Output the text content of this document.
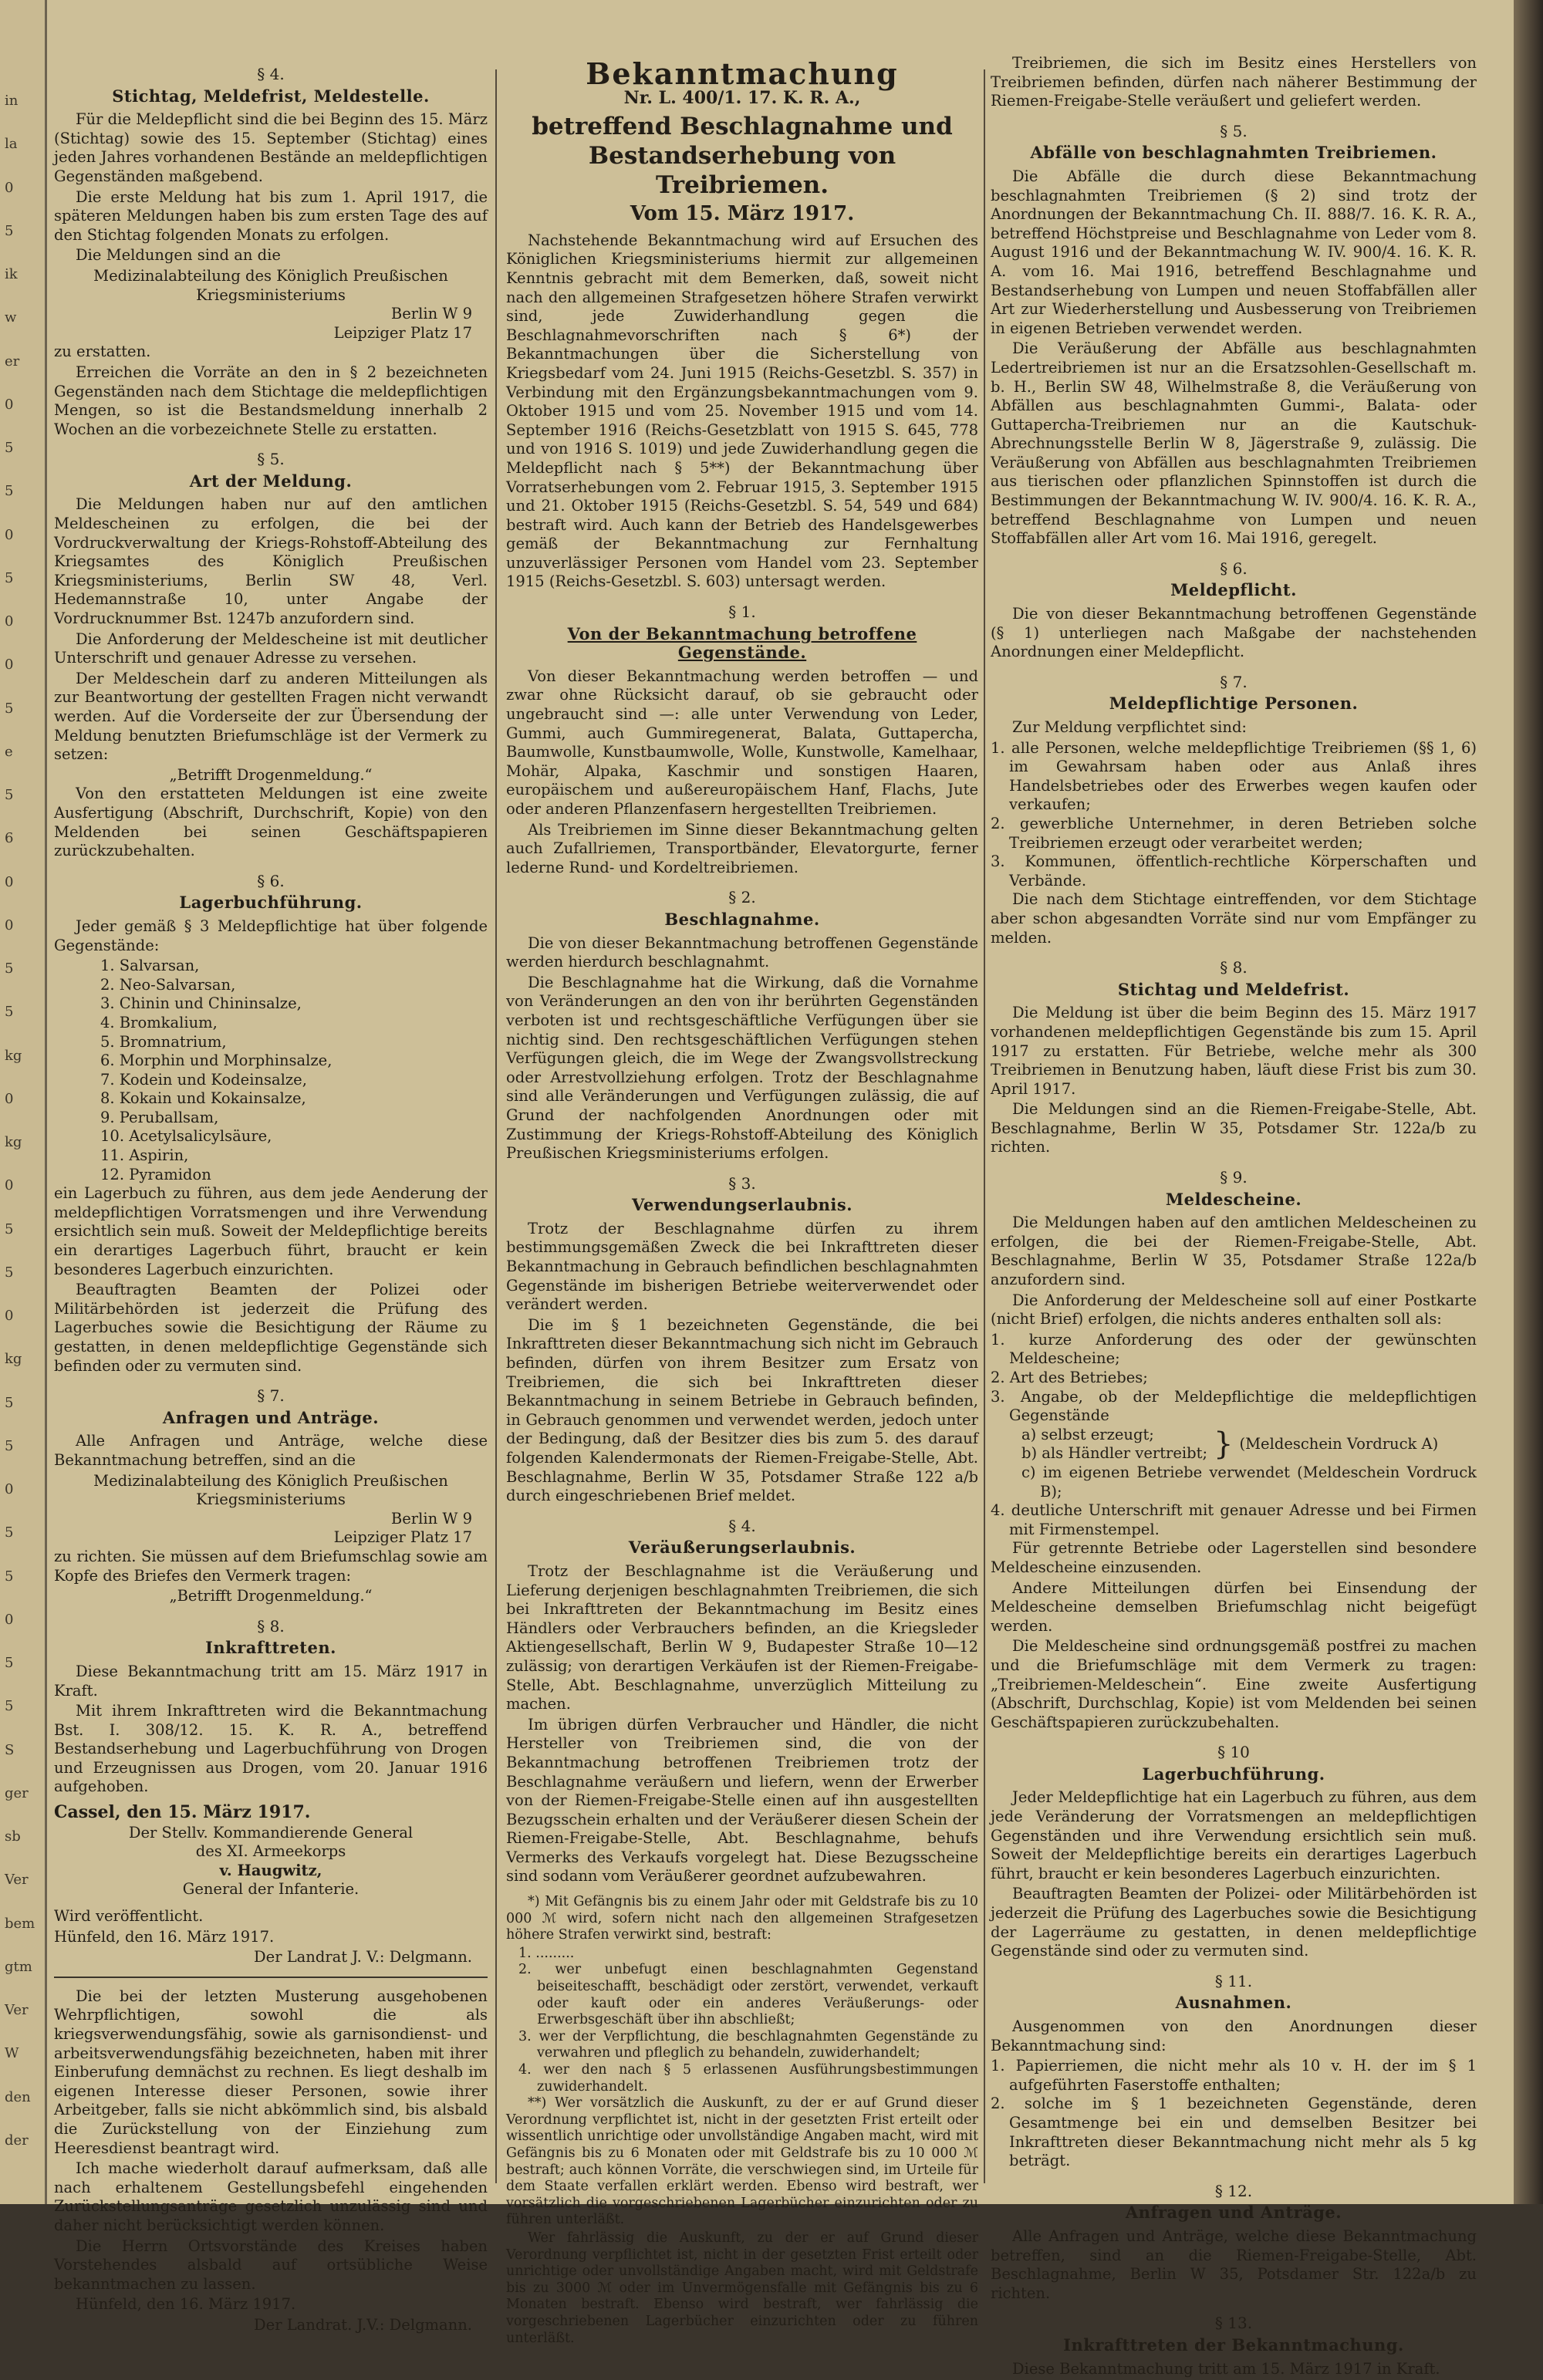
in
la
0
5
ik
w
er
0
5
5
0
5
0
0
5
e
5
6
0
0
5
5
kg
0
kg
0
5
5
0
kg
5
5
0
5
5
0
5
5
S
ger
sb
Ver
bem
gtm
Ver
W
den
der

§ 4.

Stichtag, Meldefrist, Meldestelle.

Für die Meldepflicht sind die bei Beginn des 15. März (Stichtag) sowie des 15. September (Stichtag) eines jeden Jahres vorhandenen Bestände an meldepflichtigen Gegenständen maßgebend.

Die erste Meldung hat bis zum 1. April 1917, die späteren Meldungen haben bis zum ersten Tage des auf den Stichtag folgenden Monats zu erfolgen.

Die Meldungen sind an die

Medizinalabteilung des Königlich Preußischen Kriegsministeriums

Berlin W 9

Leipziger Platz 17

zu erstatten.

Erreichen die Vorräte an den in § 2 bezeichneten Gegenständen nach dem Stichtage die meldepflichtigen Mengen, so ist die Bestandsmeldung innerhalb 2 Wochen an die vorbezeichnete Stelle zu erstatten.

§ 5.

Art der Meldung.

Die Meldungen haben nur auf den amtlichen Meldescheinen zu erfolgen, die bei der Vordruckverwaltung der Kriegs-Rohstoff-Abteilung des Kriegsamtes des Königlich Preußischen Kriegsministeriums, Berlin SW 48, Verl. Hedemannstraße 10, unter Angabe der Vordrucknummer Bst. 1247b anzufordern sind.

Die Anforderung der Meldescheine ist mit deutlicher Unterschrift und genauer Adresse zu versehen.

Der Meldeschein darf zu anderen Mitteilungen als zur Beantwortung der gestellten Fragen nicht verwandt werden. Auf die Vorderseite der zur Übersendung der Meldung benutzten Briefumschläge ist der Vermerk zu setzen:

„Betrifft Drogenmeldung.“

Von den erstatteten Meldungen ist eine zweite Ausfertigung (Abschrift, Durchschrift, Kopie) von den Meldenden bei seinen Geschäftspapieren zurückzubehalten.

§ 6.

Lagerbuchführung.

Jeder gemäß § 3 Meldepflichtige hat über folgende Gegenstände:

1. Salvarsan,

2. Neo-Salvarsan,

3. Chinin und Chininsalze,

4. Bromkalium,

5. Bromnatrium,

6. Morphin und Morphinsalze,

7. Kodein und Kodeinsalze,

8. Kokain und Kokainsalze,

9. Peruballsam,

10. Acetylsalicylsäure,

11. Aspirin,

12. Pyramidon

ein Lagerbuch zu führen, aus dem jede Aenderung der meldepflichtigen Vorratsmengen und ihre Verwendung ersichtlich sein muß. Soweit der Meldepflichtige bereits ein derartiges Lagerbuch führt, braucht er kein besonderes Lagerbuch einzurichten.

Beauftragten Beamten der Polizei oder Militärbehörden ist jederzeit die Prüfung des Lagerbuches sowie die Besichtigung der Räume zu gestatten, in denen meldepflichtige Gegenstände sich befinden oder zu vermuten sind.

§ 7.

Anfragen und Anträge.

Alle Anfragen und Anträge, welche diese Bekanntmachung betreffen, sind an die

Medizinalabteilung des Königlich Preußischen Kriegsministeriums

Berlin W 9

Leipziger Platz 17

zu richten. Sie müssen auf dem Briefumschlag sowie am Kopfe des Briefes den Vermerk tragen:

„Betrifft Drogenmeldung.“

§ 8.

Inkrafttreten.

Diese Bekanntmachung tritt am 15. März 1917 in Kraft.

Mit ihrem Inkrafttreten wird die Bekanntmachung Bst. I. 308/12. 15. K. R. A., betreffend Bestandserhebung und Lagerbuchführung von Drogen und Erzeugnissen aus Drogen, vom 20. Januar 1916 aufgehoben.

Cassel, den 15. März 1917.

Der Stellv. Kommandierende General

des XI. Armeekorps

v. Haugwitz,

General der Infanterie.

Wird veröffentlicht.

Hünfeld, den 16. März 1917.

Der Landrat J. V.: Delgmann.

Die bei der letzten Musterung ausgehobenen Wehrpflichtigen, sowohl die als kriegsverwendungsfähig, sowie als garnisondienst- und arbeitsverwendungsfähig bezeichneten, haben mit ihrer Einberufung demnächst zu rechnen. Es liegt deshalb im eigenen Interesse dieser Personen, sowie ihrer Arbeitgeber, falls sie nicht abkömmlich sind, bis alsbald die Zurückstellung von der Einziehung zum Heeresdienst beantragt wird.

Ich mache wiederholt darauf aufmerksam, daß alle nach erhaltenem Gestellungsbefehl eingehenden Zurückstellungsanträge gesetzlich unzulässig sind und daher nicht berücksichtigt werden können.

Die Herrn Ortsvorstände des Kreises haben Vorstehendes alsbald auf ortsübliche Weise bekanntmachen zu lassen.

Hünfeld, den 16. März 1917.

Der Landrat. J.V.: Delgmann.

Bekanntmachung

Nr. L. 400/1. 17. K. R. A.,

betreffend Beschlagnahme und Bestandserhebung von Treibriemen.

Vom 15. März 1917.

Nachstehende Bekanntmachung wird auf Ersuchen des Königlichen Kriegsministeriums hiermit zur allgemeinen Kenntnis gebracht mit dem Bemerken, daß, soweit nicht nach den allgemeinen Strafgesetzen höhere Strafen verwirkt sind, jede Zuwiderhandlung gegen die Beschlagnahmevorschriften nach § 6*) der Bekanntmachungen über die Sicherstellung von Kriegsbedarf vom 24. Juni 1915 (Reichs-Gesetzbl. S. 357) in Verbindung mit den Ergänzungsbekanntmachungen vom 9. Oktober 1915 und vom 25. November 1915 und vom 14. September 1916 (Reichs-Gesetzblatt von 1915 S. 645, 778 und von 1916 S. 1019) und jede Zuwiderhandlung gegen die Meldepflicht nach § 5**) der Bekanntmachung über Vorratserhebungen vom 2. Februar 1915, 3. September 1915 und 21. Oktober 1915 (Reichs-Gesetzbl. S. 54, 549 und 684) bestraft wird. Auch kann der Betrieb des Handelsgewerbes gemäß der Bekanntmachung zur Fernhaltung unzuverlässiger Personen vom Handel vom 23. September 1915 (Reichs-Gesetzbl. S. 603) untersagt werden.

§ 1.

Von der Bekanntmachung betroffene Gegenstände.

Von dieser Bekanntmachung werden betroffen — und zwar ohne Rücksicht darauf, ob sie gebraucht oder ungebraucht sind —: alle unter Verwendung von Leder, Gummi, auch Gummiregenerat, Balata, Guttapercha, Baumwolle, Kunstbaumwolle, Wolle, Kunstwolle, Kamelhaar, Mohär, Alpaka, Kaschmir und sonstigen Haaren, europäischem und außereuropäischem Hanf, Flachs, Jute oder anderen Pflanzenfasern hergestellten Treibriemen.

Als Treibriemen im Sinne dieser Bekanntmachung gelten auch Zufallriemen, Transportbänder, Elevatorgurte, ferner lederne Rund- und Kordeltreibriemen.

§ 2.

Beschlagnahme.

Die von dieser Bekanntmachung betroffenen Gegenstände werden hierdurch beschlagnahmt.

Die Beschlagnahme hat die Wirkung, daß die Vornahme von Veränderungen an den von ihr berührten Gegenständen verboten ist und rechtsgeschäftliche Verfügungen über sie nichtig sind. Den rechtsgeschäftlichen Verfügungen stehen Verfügungen gleich, die im Wege der Zwangsvollstreckung oder Arrestvollziehung erfolgen. Trotz der Beschlagnahme sind alle Veränderungen und Verfügungen zulässig, die auf Grund der nachfolgenden Anordnungen oder mit Zustimmung der Kriegs-Rohstoff-Abteilung des Königlich Preußischen Kriegsministeriums erfolgen.

§ 3.

Verwendungserlaubnis.

Trotz der Beschlagnahme dürfen zu ihrem bestimmungsgemäßen Zweck die bei Inkrafttreten dieser Bekanntmachung in Gebrauch befindlichen beschlagnahmten Gegenstände im bisherigen Betriebe weiterverwendet oder verändert werden.

Die im § 1 bezeichneten Gegenstände, die bei Inkrafttreten dieser Bekanntmachung sich nicht im Gebrauch befinden, dürfen von ihrem Besitzer zum Ersatz von Treibriemen, die sich bei Inkrafttreten dieser Bekanntmachung in seinem Betriebe in Gebrauch befinden, in Gebrauch genommen und verwendet werden, jedoch unter der Bedingung, daß der Besitzer dies bis zum 5. des darauf folgenden Kalendermonats der Riemen-Freigabe-Stelle, Abt. Beschlagnahme, Berlin W 35, Potsdamer Straße 122 a/b durch eingeschriebenen Brief meldet.

§ 4.

Veräußerungserlaubnis.

Trotz der Beschlagnahme ist die Veräußerung und Lieferung derjenigen beschlagnahmten Treibriemen, die sich bei Inkrafttreten der Bekanntmachung im Besitz eines Händlers oder Verbrauchers befinden, an die Kriegsleder Aktiengesellschaft, Berlin W 9, Budapester Straße 10—12 zulässig; von derartigen Verkäufen ist der Riemen-Freigabe-Stelle, Abt. Beschlagnahme, unverzüglich Mitteilung zu machen.

Im übrigen dürfen Verbraucher und Händler, die nicht Hersteller von Treibriemen sind, die von der Bekanntmachung betroffenen Treibriemen trotz der Beschlagnahme veräußern und liefern, wenn der Erwerber von der Riemen-Freigabe-Stelle einen auf ihn ausgestellten Bezugsschein erhalten und der Veräußerer diesen Schein der Riemen-Freigabe-Stelle, Abt. Beschlagnahme, behufs Vermerks des Verkaufs vorgelegt hat. Diese Bezugsscheine sind sodann vom Veräußerer geordnet aufzubewahren.

*) Mit Gefängnis bis zu einem Jahr oder mit Geldstrafe bis zu 10 000 ℳ wird, sofern nicht nach den allgemeinen Strafgesetzen höhere Strafen verwirkt sind, bestraft:

1. .........

2. wer unbefugt einen beschlagnahmten Gegenstand beiseiteschafft, beschädigt oder zerstört, verwendet, verkauft oder kauft oder ein anderes Veräußerungs- oder Erwerbsgeschäft über ihn abschließt;

3. wer der Verpflichtung, die beschlagnahmten Gegenstände zu verwahren und pfleglich zu behandeln, zuwiderhandelt;

4. wer den nach § 5 erlassenen Ausführungsbestimmungen zuwiderhandelt.

**) Wer vorsätzlich die Auskunft, zu der er auf Grund dieser Verordnung verpflichtet ist, nicht in der gesetzten Frist erteilt oder wissentlich unrichtige oder unvollständige Angaben macht, wird mit Gefängnis bis zu 6 Monaten oder mit Geldstrafe bis zu 10 000 ℳ bestraft; auch können Vorräte, die verschwiegen sind, im Urteile für dem Staate verfallen erklärt werden. Ebenso wird bestraft, wer vorsätzlich die vorgeschriebenen Lagerbücher einzurichten oder zu führen unterläßt.

Wer fahrlässig die Auskunft, zu der er auf Grund dieser Verordnung verpflichtet ist, nicht in der gesetzten Frist erteilt oder unrichtige oder unvollständige Angaben macht, wird mit Geldstrafe bis zu 3000 ℳ oder im Unvermögensfalle mit Gefängnis bis zu 6 Monaten bestraft. Ebenso wird bestraft, wer fahrlässig die vorgeschriebenen Lagerbücher einzurichten oder zu führen unterläßt.

Treibriemen, die sich im Besitz eines Herstellers von Treibriemen befinden, dürfen nach näherer Bestimmung der Riemen-Freigabe-Stelle veräußert und geliefert werden.

§ 5.

Abfälle von beschlagnahmten Treibriemen.

Die Abfälle die durch diese Bekanntmachung beschlagnahmten Treibriemen (§ 2) sind trotz der Anordnungen der Bekanntmachung Ch. II. 888/7. 16. K. R. A., betreffend Höchstpreise und Beschlagnahme von Leder vom 8. August 1916 und der Bekanntmachung W. IV. 900/4. 16. K. R. A. vom 16. Mai 1916, betreffend Beschlagnahme und Bestandserhebung von Lumpen und neuen Stoffabfällen aller Art zur Wiederherstellung und Ausbesserung von Treibriemen in eigenen Betrieben verwendet werden.

Die Veräußerung der Abfälle aus beschlagnahmten Ledertreibriemen ist nur an die Ersatzsohlen-Gesellschaft m. b. H., Berlin SW 48, Wilhelmstraße 8, die Veräußerung von Abfällen aus beschlagnahmten Gummi-, Balata- oder Guttapercha-Treibriemen nur an die Kautschuk-Abrechnungsstelle Berlin W 8, Jägerstraße 9, zulässig. Die Veräußerung von Abfällen aus beschlagnahmten Treibriemen aus tierischen oder pflanzlichen Spinnstoffen ist durch die Bestimmungen der Bekanntmachung W. IV. 900/4. 16. K. R. A., betreffend Beschlagnahme von Lumpen und neuen Stoffabfällen aller Art vom 16. Mai 1916, geregelt.

§ 6.

Meldepflicht.

Die von dieser Bekanntmachung betroffenen Gegenstände (§ 1) unterliegen nach Maßgabe der nachstehenden Anordnungen einer Meldepflicht.

§ 7.

Meldepflichtige Personen.

Zur Meldung verpflichtet sind:

1. alle Personen, welche meldepflichtige Treibriemen (§§ 1, 6) im Gewahrsam haben oder aus Anlaß ihres Handelsbetriebes oder des Erwerbes wegen kaufen oder verkaufen;

2. gewerbliche Unternehmer, in deren Betrieben solche Treibriemen erzeugt oder verarbeitet werden;

3. Kommunen, öffentlich-rechtliche Körperschaften und Verbände.

Die nach dem Stichtage eintreffenden, vor dem Stichtage aber schon abgesandten Vorräte sind nur vom Empfänger zu melden.

§ 8.

Stichtag und Meldefrist.

Die Meldung ist über die beim Beginn des 15. März 1917 vorhandenen meldepflichtigen Gegenstände bis zum 15. April 1917 zu erstatten. Für Betriebe, welche mehr als 300 Treibriemen in Benutzung haben, läuft diese Frist bis zum 30. April 1917.

Die Meldungen sind an die Riemen-Freigabe-Stelle, Abt. Beschlagnahme, Berlin W 35, Potsdamer Str. 122a/b zu richten.

§ 9.

Meldescheine.

Die Meldungen haben auf den amtlichen Meldescheinen zu erfolgen, die bei der Riemen-Freigabe-Stelle, Abt. Beschlagnahme, Berlin W 35, Potsdamer Straße 122a/b anzufordern sind.

Die Anforderung der Meldescheine soll auf einer Postkarte (nicht Brief) erfolgen, die nichts anderes enthalten soll als:

1. kurze Anforderung des oder der gewünschten Meldescheine;

2. Art des Betriebes;

3. Angabe, ob der Meldepflichtige die meldepflichtigen Gegenstände

a) selbst erzeugt;

b) als Händler vertreibt; } (Meldeschein Vordruck A)

c) im eigenen Betriebe verwendet (Meldeschein Vordruck B);

4. deutliche Unterschrift mit genauer Adresse und bei Firmen mit Firmenstempel.

Für getrennte Betriebe oder Lagerstellen sind besondere Meldescheine einzusenden.

Andere Mitteilungen dürfen bei Einsendung der Meldescheine demselben Briefumschlag nicht beigefügt werden.

Die Meldescheine sind ordnungsgemäß postfrei zu machen und die Briefumschläge mit dem Vermerk zu tragen: „Treibriemen-Meldeschein“. Eine zweite Ausfertigung (Abschrift, Durchschlag, Kopie) ist vom Meldenden bei seinen Geschäftspapieren zurückzubehalten.

§ 10

Lagerbuchführung.

Jeder Meldepflichtige hat ein Lagerbuch zu führen, aus dem jede Veränderung der Vorratsmengen an meldepflichtigen Gegenständen und ihre Verwendung ersichtlich sein muß. Soweit der Meldepflichtige bereits ein derartiges Lagerbuch führt, braucht er kein besonderes Lagerbuch einzurichten.

Beauftragten Beamten der Polizei- oder Militärbehörden ist jederzeit die Prüfung des Lagerbuches sowie die Besichtigung der Lagerräume zu gestatten, in denen meldepflichtige Gegenstände sind oder zu vermuten sind.

§ 11.

Ausnahmen.

Ausgenommen von den Anordnungen dieser Bekanntmachung sind:

1. Papierriemen, die nicht mehr als 10 v. H. der im § 1 aufgeführten Faserstoffe enthalten;

2. solche im § 1 bezeichneten Gegenstände, deren Gesamtmenge bei ein und demselben Besitzer bei Inkrafttreten dieser Bekanntmachung nicht mehr als 5 kg beträgt.

§ 12.

Anfragen und Anträge.

Alle Anfragen und Anträge, welche diese Bekanntmachung betreffen, sind an die Riemen-Freigabe-Stelle, Abt. Beschlagnahme, Berlin W 35, Potsdamer Str. 122a/b zu richten.

§ 13.

Inkrafttreten der Bekanntmachung.

Diese Bekanntmachung tritt am 15. März 1917 in Kraft.
